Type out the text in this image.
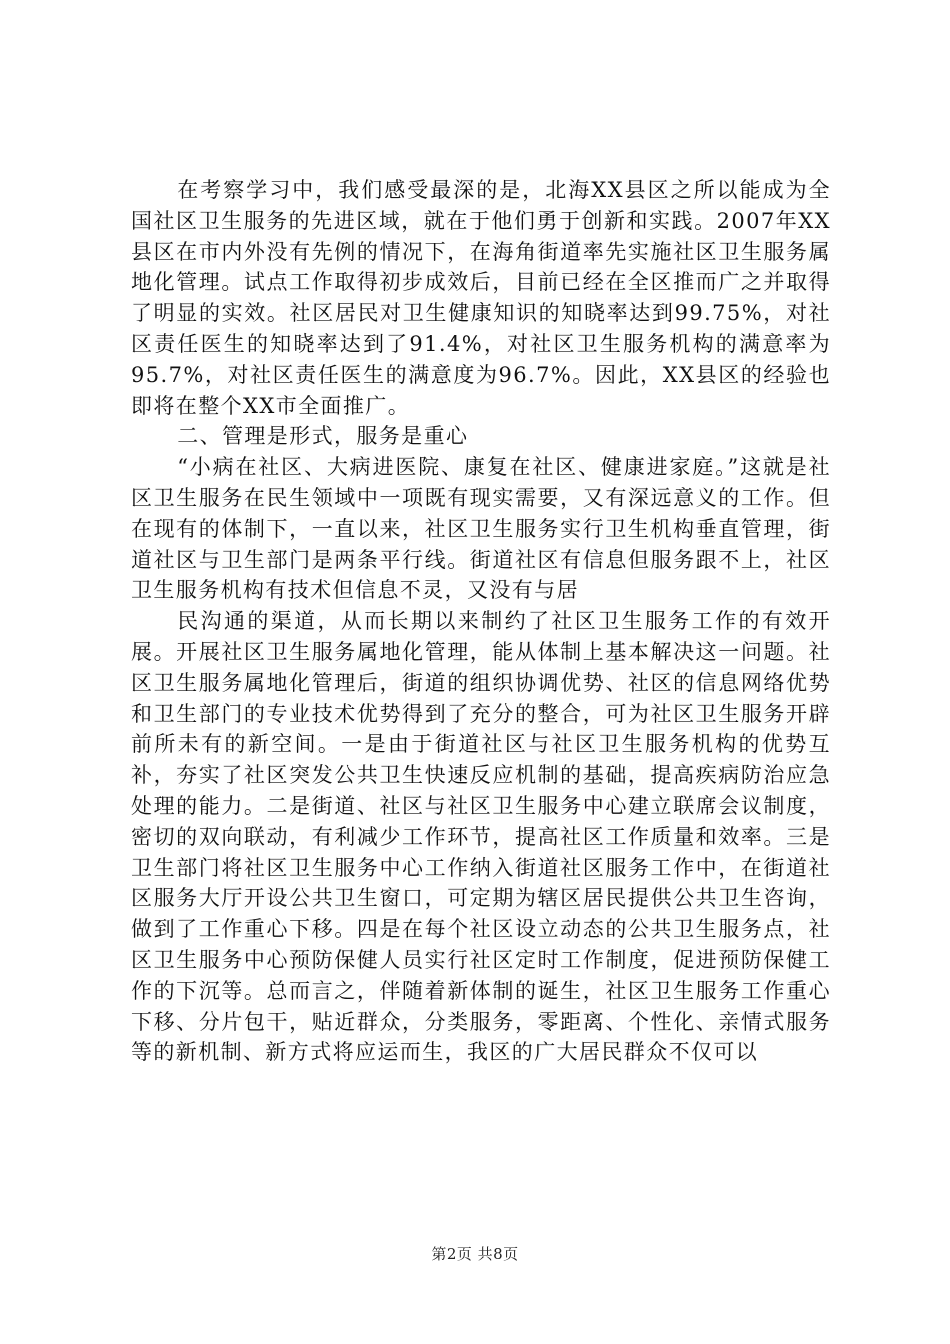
在考察学习中，我们感受最深的是，北海XX县区之所以能成为全国社区卫生服务的先进区域，就在于他们勇于创新和实践。2007年XX县区在市内外没有先例的情况下，在海角街道率先实施社区卫生服务属地化管理。试点工作取得初步成效后，目前已经在全区推而广之并取得了明显的实效。社区居民对卫生健康知识的知晓率达到99.75%，对社区责任医生的知晓率达到了91.4%，对社区卫生服务机构的满意率为95.7%，对社区责任医生的满意度为96.7%。因此，XX县区的经验也即将在整个XX市全面推广。

二、管理是形式，服务是重心

“小病在社区、大病进医院、康复在社区、健康进家庭。”这就是社区卫生服务在民生领域中一项既有现实需要，又有深远意义的工作。但在现有的体制下，一直以来，社区卫生服务实行卫生机构垂直管理，街道社区与卫生部门是两条平行线。街道社区有信息但服务跟不上，社区卫生服务机构有技术但信息不灵，又没有与居

民沟通的渠道，从而长期以来制约了社区卫生服务工作的有效开展。开展社区卫生服务属地化管理，能从体制上基本解决这一问题。社区卫生服务属地化管理后，街道的组织协调优势、社区的信息网络优势和卫生部门的专业技术优势得到了充分的整合，可为社区卫生服务开辟前所未有的新空间。一是由于街道社区与社区卫生服务机构的优势互补，夯实了社区突发公共卫生快速反应机制的基础，提高疾病防治应急处理的能力。二是街道、社区与社区卫生服务中心建立联席会议制度，密切的双向联动，有利减少工作环节，提高社区工作质量和效率。三是卫生部门将社区卫生服务中心工作纳入街道社区服务工作中，在街道社区服务大厅开设公共卫生窗口，可定期为辖区居民提供公共卫生咨询，做到了工作重心下移。四是在每个社区设立动态的公共卫生服务点，社区卫生服务中心预防保健人员实行社区定时工作制度，促进预防保健工作的下沉等。总而言之，伴随着新体制的诞生，社区卫生服务工作重心下移、分片包干，贴近群众，分类服务，零距离、个性化、亲情式服务等的新机制、新方式将应运而生，我区的广大居民群众不仅可以

第2页 共8页
